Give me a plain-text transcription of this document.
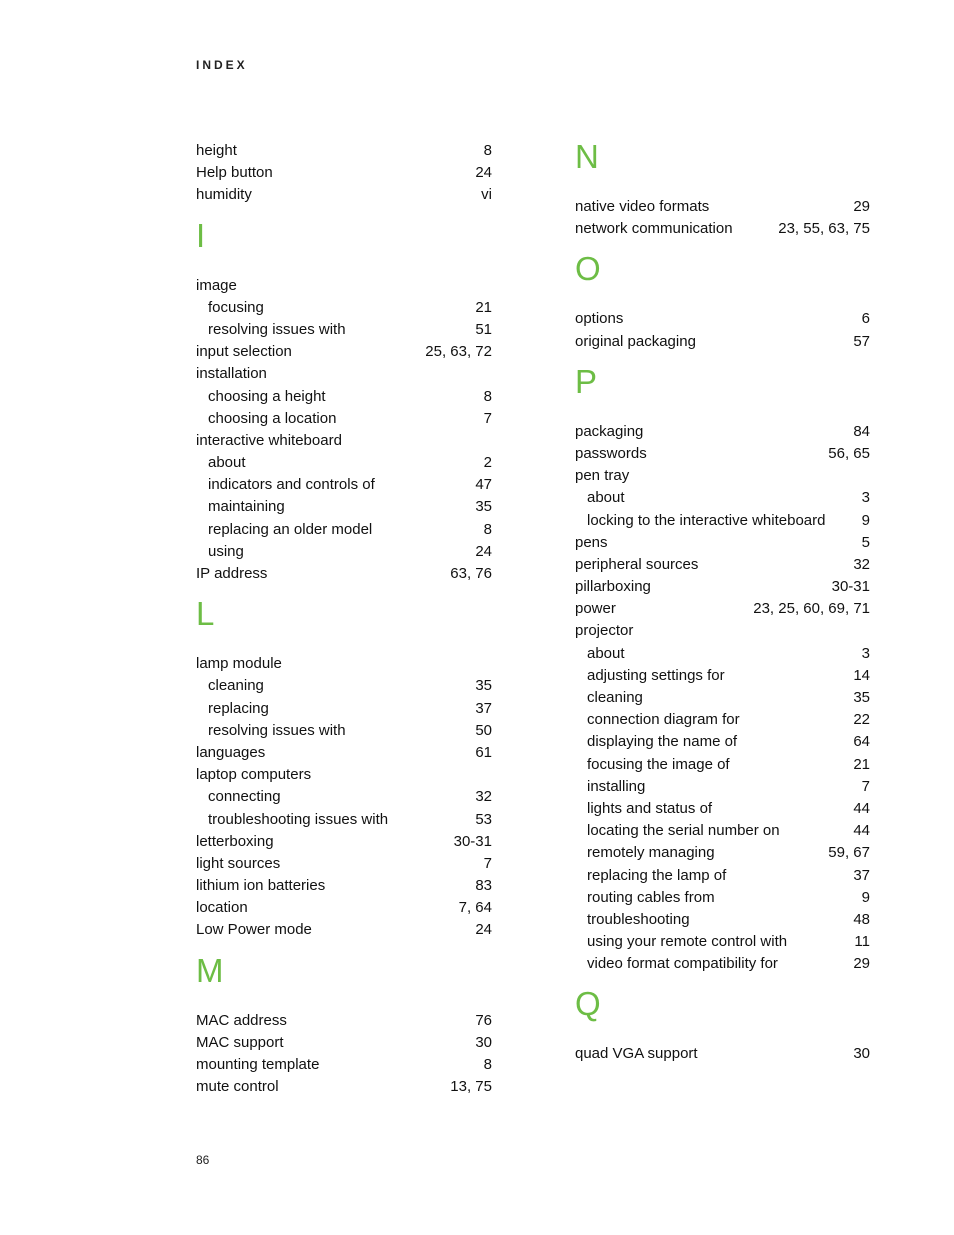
INDEX
height	8
Help button	24
humidity	vi
I
image
focusing	21
resolving issues with	51
input selection	25, 63, 72
installation
choosing a height	8
choosing a location	7
interactive whiteboard
about	2
indicators and controls of	47
maintaining	35
replacing an older model	8
using	24
IP address	63, 76
L
lamp module
cleaning	35
replacing	37
resolving issues with	50
languages	61
laptop computers
connecting	32
troubleshooting issues with	53
letterboxing	30-31
light sources	7
lithium ion batteries	83
location	7, 64
Low Power mode	24
M
MAC address	76
MAC support	30
mounting template	8
mute control	13, 75
N
native video formats	29
network communication	23, 55, 63, 75
O
options	6
original packaging	57
P
packaging	84
passwords	56, 65
pen tray
about	3
locking to the interactive whiteboard 9
pens	5
peripheral sources	32
pillarboxing	30-31
power	23, 25, 60, 69, 71
projector
about	3
adjusting settings for	14
cleaning	35
connection diagram for	22
displaying the name of	64
focusing the image of	21
installing	7
lights and status of	44
locating the serial number on	44
remotely managing	59, 67
replacing the lamp of	37
routing cables from	9
troubleshooting	48
using your remote control with	11
video format compatibility for	29
Q
quad VGA support	30
86
